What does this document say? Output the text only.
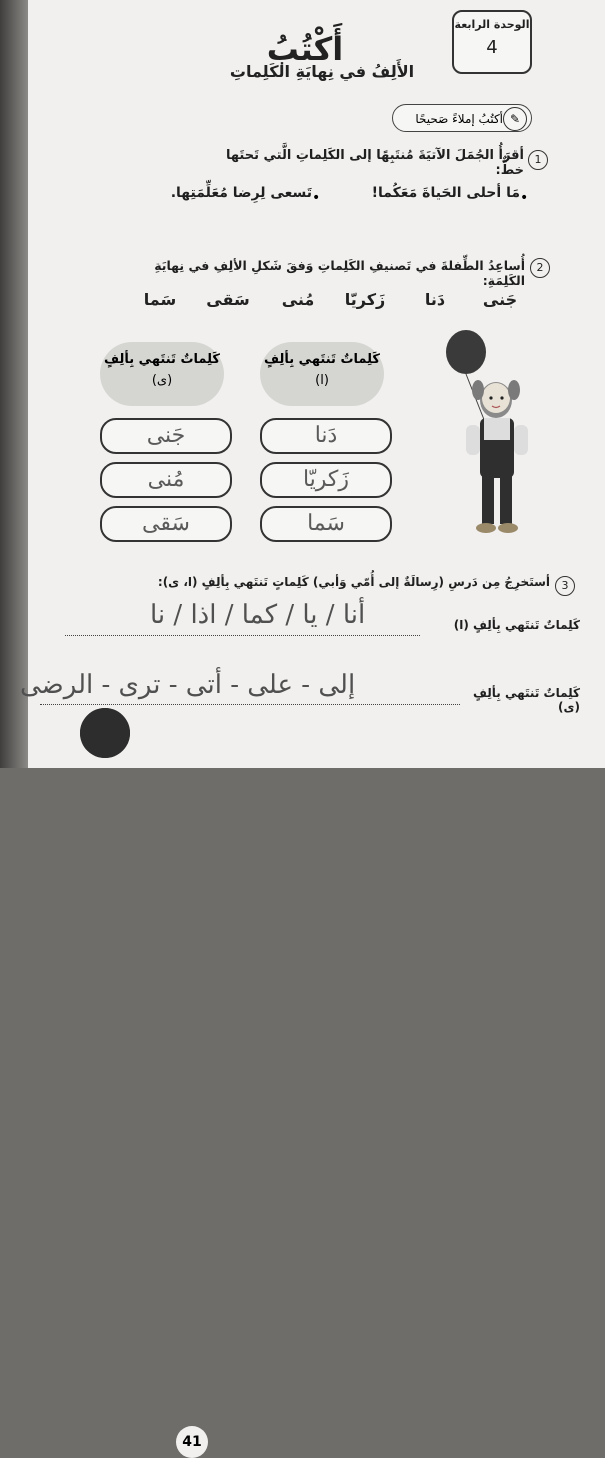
الوحدة الرابعة
4
أَكْتُبُ
الأَلِفُ في نِهايَةِ الكَلِماتِ
أكتُبُ إملاءً صَحيحًا ✎
1
أقرَأُ الجُمَلَ الآتيَةَ مُنتَبِهًا إلى الكَلِماتِ الَّتي تَحتَها خطٌّ:
مَا أحلى الحَياةَ مَعَكُما!
تَسعى لِرِضا مُعَلِّمَتِها.	•
•
2
أُساعِدُ الطِّفلةَ في تَصنيفِ الكَلِماتِ وَفقَ شَكلِ الألِفِ في نِهايَةِ الكَلِمَةِ:
جَنى
دَنا
زَكريّا
مُنى
سَقى
سَما
كَلِماتٌ تَنتَهي بِألِفٍ
(ا)
كَلِماتٌ تَنتَهي بِألِفٍ
(ى)
دَنا
زَكريّا
سَما
جَنى
مُنى
سَقى
3
أستَخرِجُ مِن دَرسِ (رِسالَةٌ إلى أُمّي وَأبي) كَلِماتٍ تَنتَهي بِألِفٍ (ا، ى):
كَلِماتٌ تَنتَهي بِألِفٍ (ا)
أنا / يا / كما / اذا / نا
كَلِماتٌ تَنتَهي بِألِفٍ (ى)
إلى - على - أتى - ترى - الرضى
41
